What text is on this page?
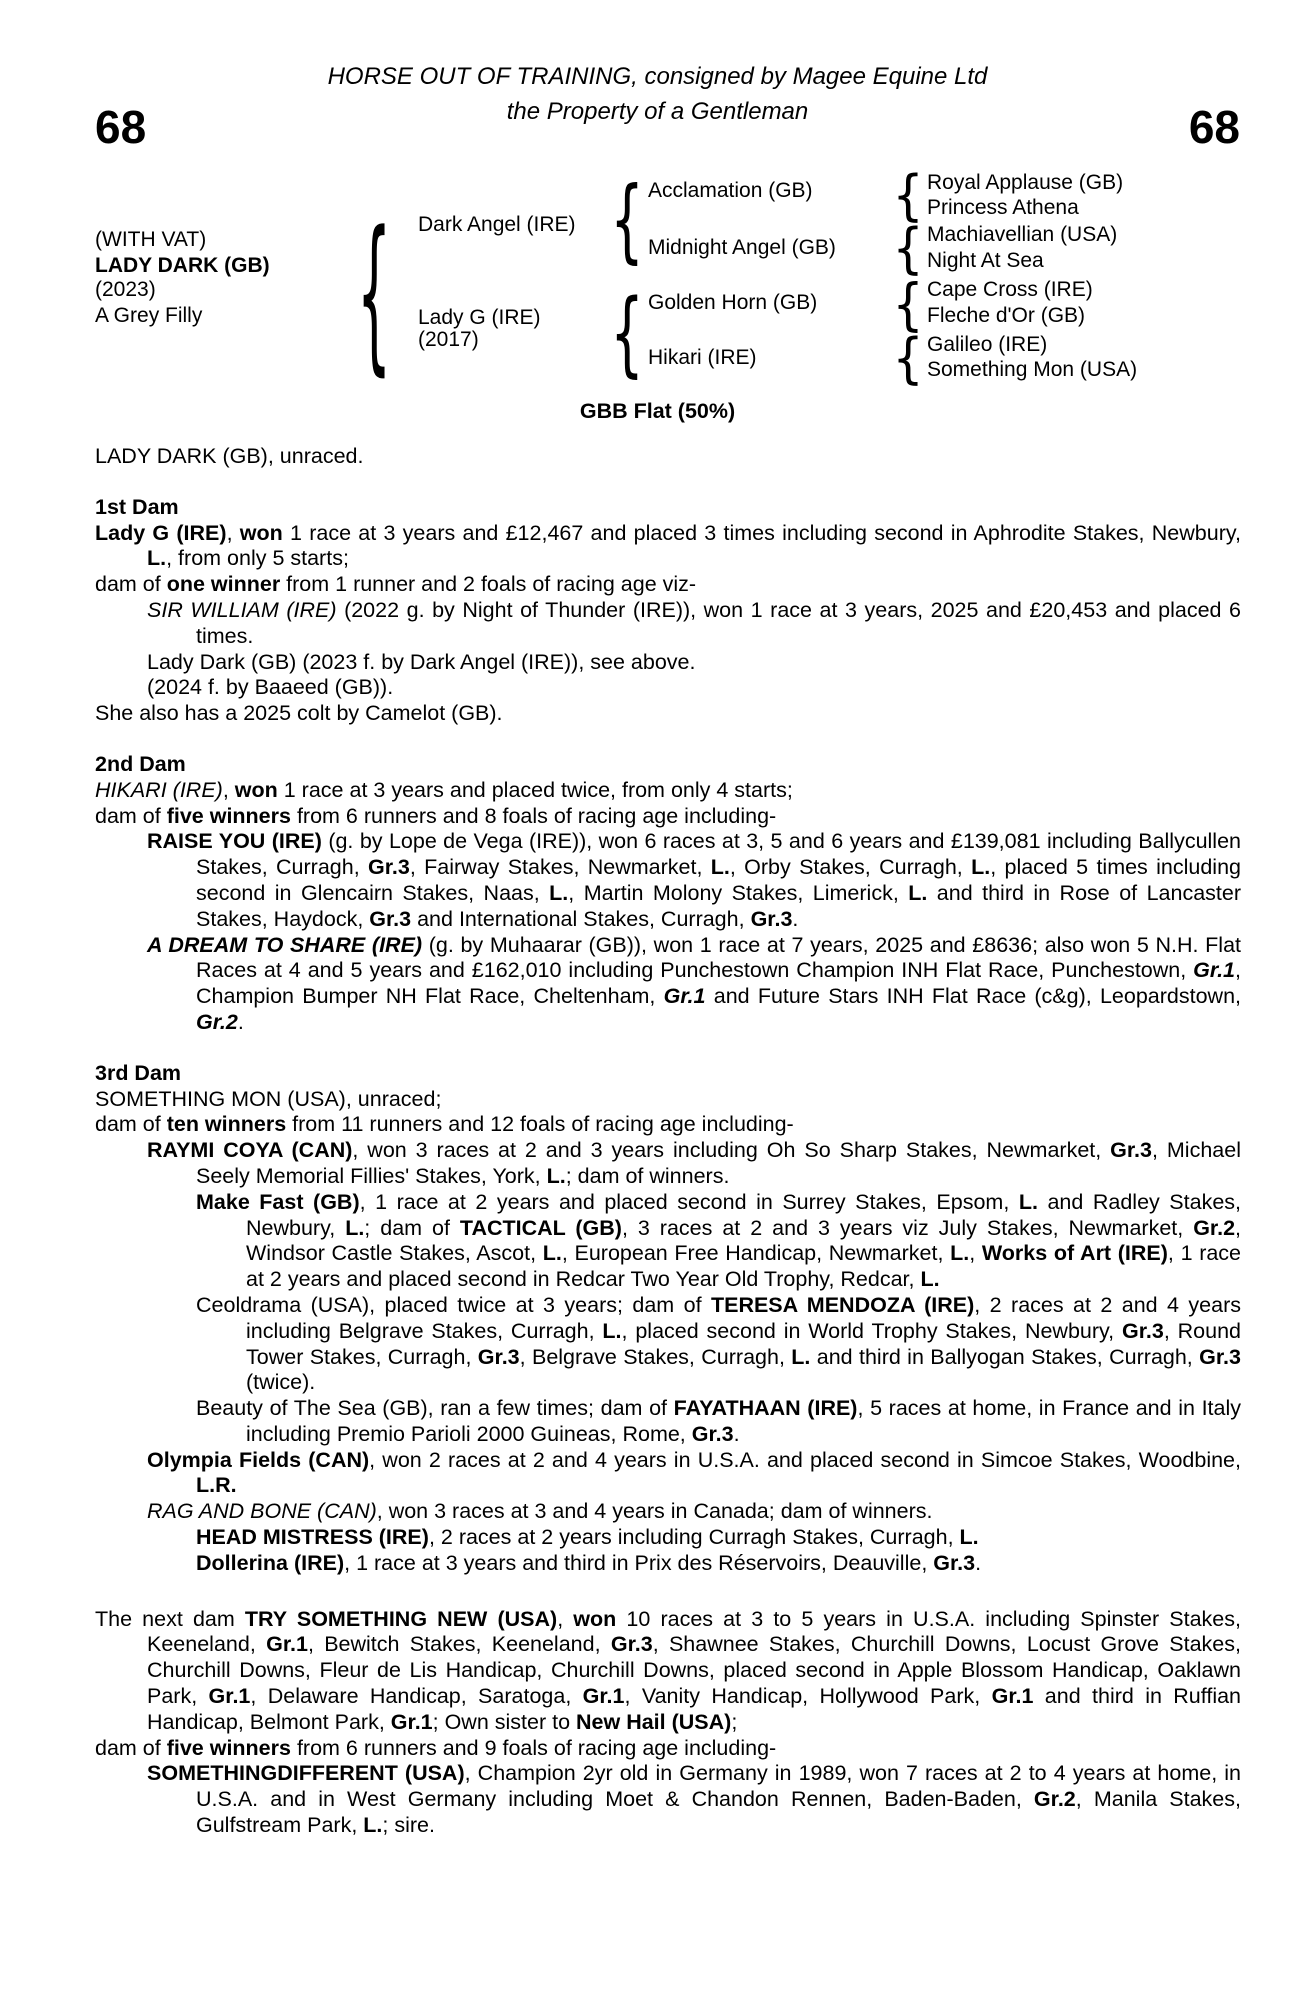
HORSE OUT OF TRAINING, consigned by Magee Equine Ltd
the Property of a Gentleman
68	68
(WITH VAT)
LADY DARK (GB)
(2023)
A Grey Filly	{ Dark Angel (IRE)
Lady G (IRE)
(2017)
{
{
Acclamation (GB)
Midnight Angel (GB)
Golden Horn (GB)
Hikari (IRE)
{
{
{
{
Royal Applause (GB)
Princess Athena
Machiavellian (USA)
Night At Sea
Cape Cross (IRE)
Fleche d'Or (GB)
Galileo (IRE)
Something Mon (USA)
GBB Flat (50%)

LADY DARK (GB), unraced.

1st Dam

Lady G (IRE), won 1 race at 3 years and £12,467 and placed 3 times including second in Aphrodite Stakes, Newbury, L., from only 5 starts;

dam of one winner from 1 runner and 2 foals of racing age viz-

SIR WILLIAM (IRE) (2022 g. by Night of Thunder (IRE)), won 1 race at 3 years, 2025 and £20,453 and placed 6 times.

Lady Dark (GB) (2023 f. by Dark Angel (IRE)), see above.

(2024 f. by Baaeed (GB)).

She also has a 2025 colt by Camelot (GB).

2nd Dam

HIKARI (IRE), won 1 race at 3 years and placed twice, from only 4 starts;

dam of five winners from 6 runners and 8 foals of racing age including-

RAISE YOU (IRE) (g. by Lope de Vega (IRE)), won 6 races at 3, 5 and 6 years and £139,081 including Ballycullen Stakes, Curragh, Gr.3, Fairway Stakes, Newmarket, L., Orby Stakes, Curragh, L., placed 5 times including second in Glencairn Stakes, Naas, L., Martin Molony Stakes, Limerick, L. and third in Rose of Lancaster Stakes, Haydock, Gr.3 and International Stakes, Curragh, Gr.3.

A DREAM TO SHARE (IRE) (g. by Muhaarar (GB)), won 1 race at 7 years, 2025 and £8636; also won 5 N.H. Flat Races at 4 and 5 years and £162,010 including Punchestown Champion INH Flat Race, Punchestown, Gr.1, Champion Bumper NH Flat Race, Cheltenham, Gr.1 and Future Stars INH Flat Race (c&g), Leopardstown, Gr.2.

3rd Dam

SOMETHING MON (USA), unraced;

dam of ten winners from 11 runners and 12 foals of racing age including-

RAYMI COYA (CAN), won 3 races at 2 and 3 years including Oh So Sharp Stakes, Newmarket, Gr.3, Michael Seely Memorial Fillies' Stakes, York, L.; dam of winners.

Make Fast (GB), 1 race at 2 years and placed second in Surrey Stakes, Epsom, L. and Radley Stakes, Newbury, L.; dam of TACTICAL (GB), 3 races at 2 and 3 years viz July Stakes, Newmarket, Gr.2, Windsor Castle Stakes, Ascot, L., European Free Handicap, Newmarket, L., Works of Art (IRE), 1 race at 2 years and placed second in Redcar Two Year Old Trophy, Redcar, L.

Ceoldrama (USA), placed twice at 3 years; dam of TERESA MENDOZA (IRE), 2 races at 2 and 4 years including Belgrave Stakes, Curragh, L., placed second in World Trophy Stakes, Newbury, Gr.3, Round Tower Stakes, Curragh, Gr.3, Belgrave Stakes, Curragh, L. and third in Ballyogan Stakes, Curragh, Gr.3 (twice).

Beauty of The Sea (GB), ran a few times; dam of FAYATHAAN (IRE), 5 races at home, in France and in Italy including Premio Parioli 2000 Guineas, Rome, Gr.3.

Olympia Fields (CAN), won 2 races at 2 and 4 years in U.S.A. and placed second in Simcoe Stakes, Woodbine, L.R.

RAG AND BONE (CAN), won 3 races at 3 and 4 years in Canada; dam of winners.

HEAD MISTRESS (IRE), 2 races at 2 years including Curragh Stakes, Curragh, L.

Dollerina (IRE), 1 race at 3 years and third in Prix des Réservoirs, Deauville, Gr.3.

The next dam TRY SOMETHING NEW (USA), won 10 races at 3 to 5 years in U.S.A. including Spinster Stakes, Keeneland, Gr.1, Bewitch Stakes, Keeneland, Gr.3, Shawnee Stakes, Churchill Downs, Locust Grove Stakes, Churchill Downs, Fleur de Lis Handicap, Churchill Downs, placed second in Apple Blossom Handicap, Oaklawn Park, Gr.1, Delaware Handicap, Saratoga, Gr.1, Vanity Handicap, Hollywood Park, Gr.1 and third in Ruffian Handicap, Belmont Park, Gr.1; Own sister to New Hail (USA);

dam of five winners from 6 runners and 9 foals of racing age including-

SOMETHINGDIFFERENT (USA), Champion 2yr old in Germany in 1989, won 7 races at 2 to 4 years at home, in U.S.A. and in West Germany including Moet & Chandon Rennen, Baden-Baden, Gr.2, Manila Stakes, Gulfstream Park, L.; sire.
